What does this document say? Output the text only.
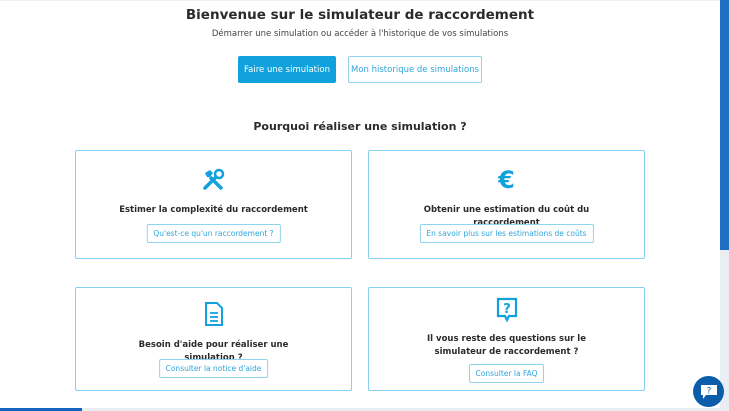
Bienvenue sur le simulateur de raccordement
Démarrer une simulation ou accéder à l'historique de vos simulations
Faire une simulation	Mon historique de simulations
Pourquoi réaliser une simulation ?
Estimer la complexité du raccordement
Qu'est-ce qu'un raccordement ?
€
Obtenir une estimation du coût du raccordement
En savoir plus sur les estimations de coûts
Besoin d'aide pour réaliser une simulation ?
Consulter la notice d'aide
?
Il vous reste des questions sur le simulateur de raccordement ?
Consulter la FAQ
?
